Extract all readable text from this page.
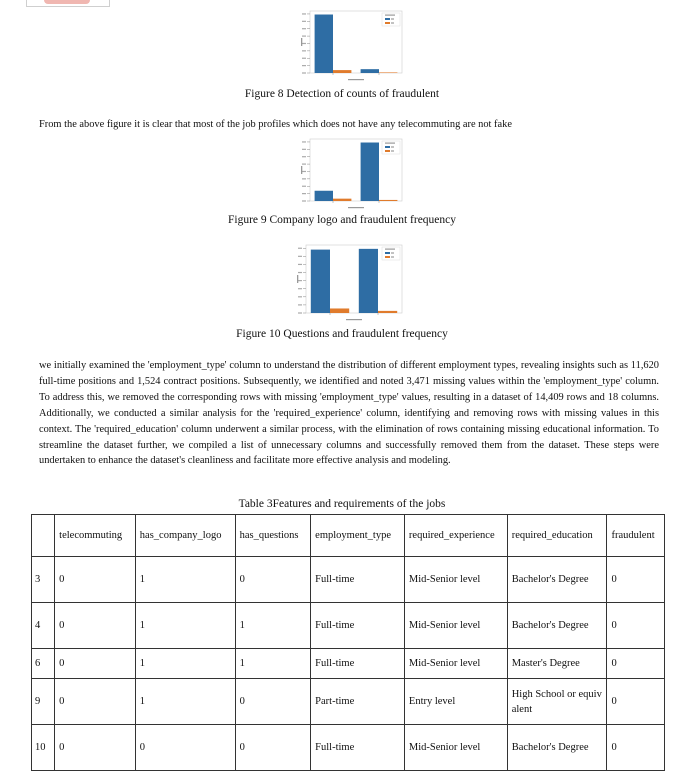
Figure 8 Detection of counts of fraudulent
From the above figure it is clear that most of the job profiles which does not have any telecommuting are not fake
Figure 9 Company logo and fraudulent frequency
Figure 10 Questions and fraudulent frequency
we initially examined the 'employment_type' column to understand the distribution of different employment types, revealing insights such as 11,620 full-time positions and 1,524 contract positions. Subsequently, we identified and noted 3,471 missing values within the 'employment_type' column. To address this, we removed the corresponding rows with missing 'employment_type' values, resulting in a dataset of 14,409 rows and 18 columns. Additionally, we conducted a similar analysis for the 'required_experience' column, identifying and removing rows with missing values in this context. The 'required_education' column underwent a similar process, with the elimination of rows containing missing educational information. To streamline the dataset further, we compiled a list of unnecessary columns and successfully removed them from the dataset. These steps were undertaken to enhance the dataset's cleanliness and facilitate more effective analysis and modeling.
Table 3Features and requirements of the jobs
	telecommuting	has_company_logo	has_questions	employment_type	required_experience	required_education	fraudulent
3	0	1	0	Full-time	Mid-Senior level	Bachelor's Degree	0
4	0	1	1	Full-time	Mid-Senior level	Bachelor's Degree	0
6	0	1	1	Full-time	Mid-Senior level	Master's Degree	0
9	0	1	0	Part-time	Entry level	High School or equivalent	0
10	0	0	0	Full-time	Mid-Senior level	Bachelor's Degree	0
